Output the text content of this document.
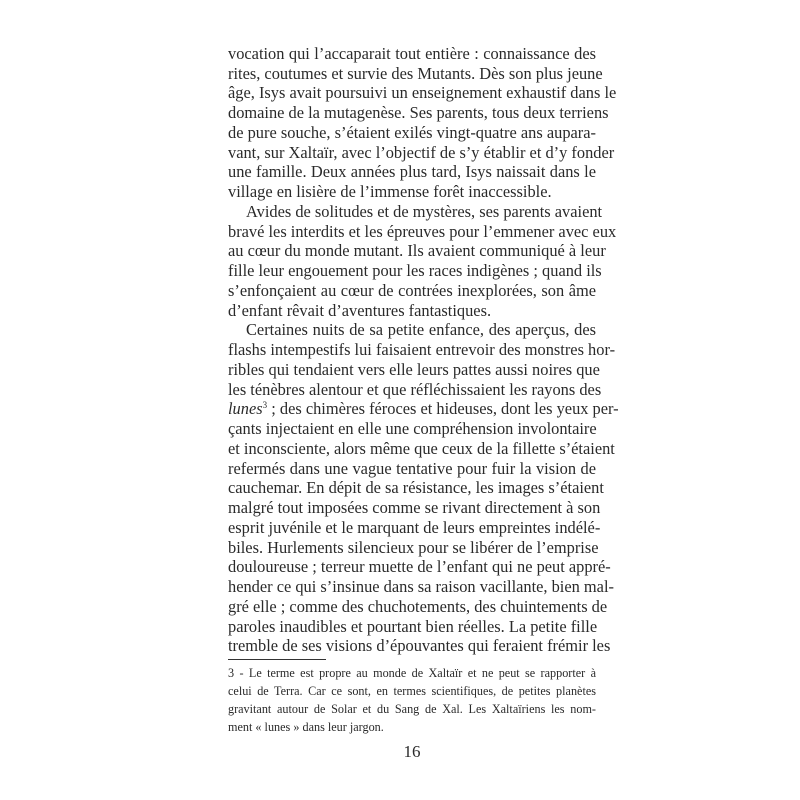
vocation qui l’accaparait tout entière : connaissance des
rites, coutumes et survie des Mutants. Dès son plus jeune
âge, Isys avait poursuivi un enseignement exhaustif dans le
domaine de la mutagenèse. Ses parents, tous deux terriens
de pure souche, s’étaient exilés vingt-quatre ans aupara-
vant, sur Xaltaïr, avec l’objectif de s’y établir et d’y fonder
une famille. Deux années plus tard, Isys naissait dans le
village en lisière de l’immense forêt inaccessible.
Avides de solitudes et de mystères, ses parents avaient
bravé les interdits et les épreuves pour l’emmener avec eux
au cœur du monde mutant. Ils avaient communiqué à leur
fille leur engouement pour les races indigènes ; quand ils
s’enfonçaient au cœur de contrées inexplorées, son âme
d’enfant rêvait d’aventures fantastiques.
Certaines nuits de sa petite enfance, des aperçus, des
flashs intempestifs lui faisaient entrevoir des monstres hor-
ribles qui tendaient vers elle leurs pattes aussi noires que
les ténèbres alentour et que réfléchissaient les rayons des
lunes$^3$ ; des chimères féroces et hideuses, dont les yeux per-
çants injectaient en elle une compréhension involontaire
et inconsciente, alors même que ceux de la fillette s’étaient
refermés dans une vague tentative pour fuir la vision de
cauchemar. En dépit de sa résistance, les images s’étaient
malgré tout imposées comme se rivant directement à son
esprit juvénile et le marquant de leurs empreintes indélé-
biles. Hurlements silencieux pour se libérer de l’emprise
douloureuse ; terreur muette de l’enfant qui ne peut appré-
hender ce qui s’insinue dans sa raison vacillante, bien mal-
gré elle ; comme des chuchotements, des chuintements de
paroles inaudibles et pourtant bien réelles. La petite fille
tremble de ses visions d’épouvantes qui feraient frémir les
3 - Le terme est propre au monde de Xaltaïr et ne peut se rapporter à
celui de Terra. Car ce sont, en termes scientifiques, de petites planètes
gravitant autour de Solar et du Sang de Xal. Les Xaltaïriens les nom-
ment « lunes » dans leur jargon.
16
